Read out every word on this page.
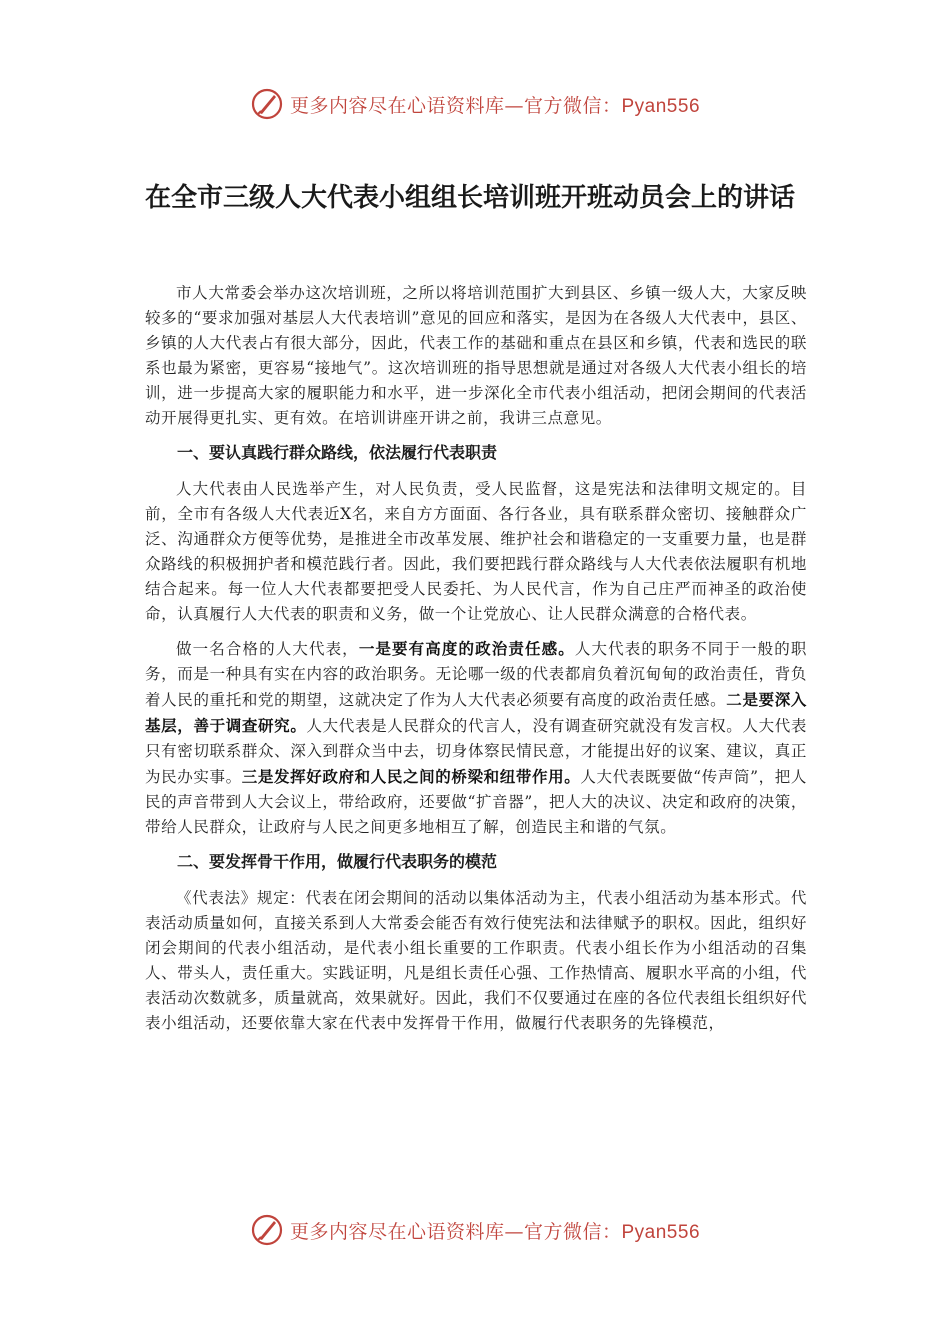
更多内容尽在心语资料库—官方微信：Pyan556
在全市三级人大代表小组组长培训班开班动员会上的讲话

市人大常委会举办这次培训班，之所以将培训范围扩大到县区、乡镇一级人大，大家反映较多的“要求加强对基层人大代表培训”意见的回应和落实，是因为在各级人大代表中，县区、乡镇的人大代表占有很大部分，因此，代表工作的基础和重点在县区和乡镇，代表和选民的联系也最为紧密，更容易“接地气”。这次培训班的指导思想就是通过对各级人大代表小组长的培训，进一步提高大家的履职能力和水平，进一步深化全市代表小组活动，把闭会期间的代表活动开展得更扎实、更有效。在培训讲座开讲之前，我讲三点意见。

一、要认真践行群众路线，依法履行代表职责

人大代表由人民选举产生，对人民负责，受人民监督，这是宪法和法律明文规定的。目前，全市有各级人大代表近X名，来自方方面面、各行各业，具有联系群众密切、接触群众广泛、沟通群众方便等优势，是推进全市改革发展、维护社会和谐稳定的一支重要力量，也是群众路线的积极拥护者和模范践行者。因此，我们要把践行群众路线与人大代表依法履职有机地结合起来。每一位人大代表都要把受人民委托、为人民代言，作为自己庄严而神圣的政治使命，认真履行人大代表的职责和义务，做一个让党放心、让人民群众满意的合格代表。

做一名合格的人大代表，一是要有高度的政治责任感。人大代表的职务不同于一般的职务，而是一种具有实在内容的政治职务。无论哪一级的代表都肩负着沉甸甸的政治责任，背负着人民的重托和党的期望，这就决定了作为人大代表必须要有高度的政治责任感。二是要深入基层，善于调查研究。人大代表是人民群众的代言人，没有调查研究就没有发言权。人大代表只有密切联系群众、深入到群众当中去，切身体察民情民意，才能提出好的议案、建议，真正为民办实事。三是发挥好政府和人民之间的桥梁和纽带作用。人大代表既要做“传声筒”，把人民的声音带到人大会议上，带给政府，还要做“扩音器”，把人大的决议、决定和政府的决策，带给人民群众，让政府与人民之间更多地相互了解，创造民主和谐的气氛。

二、要发挥骨干作用，做履行代表职务的模范

《代表法》规定：代表在闭会期间的活动以集体活动为主，代表小组活动为基本形式。代表活动质量如何，直接关系到人大常委会能否有效行使宪法和法律赋予的职权。因此，组织好闭会期间的代表小组活动，是代表小组长重要的工作职责。代表小组长作为小组活动的召集人、带头人，责任重大。实践证明，凡是组长责任心强、工作热情高、履职水平高的小组，代表活动次数就多，质量就高，效果就好。因此，我们不仅要通过在座的各位代表组长组织好代表小组活动，还要依靠大家在代表中发挥骨干作用，做履行代表职务的先锋模范，

更多内容尽在心语资料库—官方微信：Pyan556
